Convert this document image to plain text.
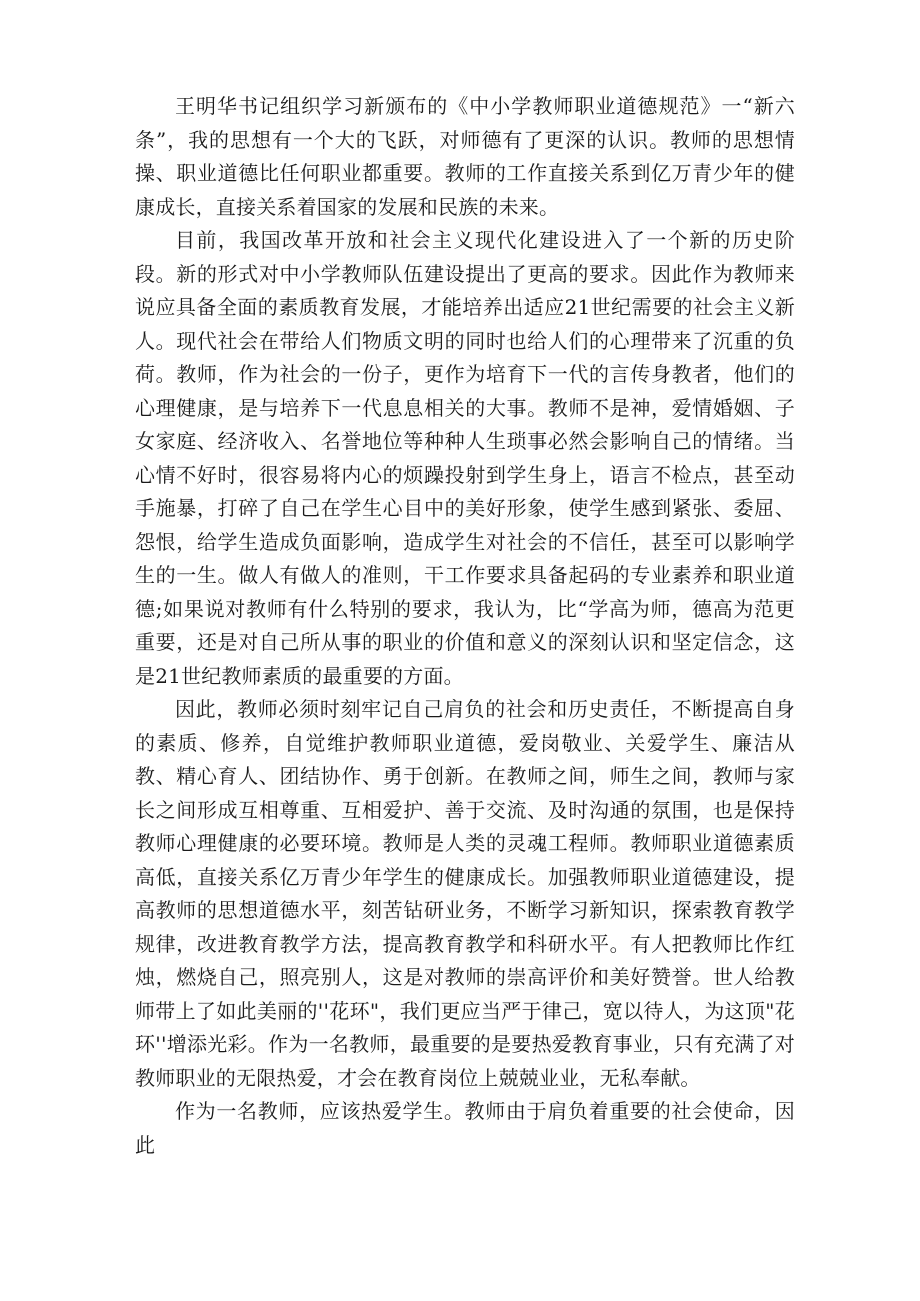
王明华书记组织学习新颁布的《中小学教师职业道德规范》一“新六条”，我的思想有一个大的飞跃，对师德有了更深的认识。教师的思想情操、职业道德比任何职业都重要。教师的工作直接关系到亿万青少年的健康成长，直接关系着国家的发展和民族的未来。

目前，我国改革开放和社会主义现代化建设进入了一个新的历史阶段。新的形式对中小学教师队伍建设提出了更高的要求。因此作为教师来说应具备全面的素质教育发展，才能培养出适应21世纪需要的社会主义新人。现代社会在带给人们物质文明的同时也给人们的心理带来了沉重的负荷。教师，作为社会的一份子，更作为培育下一代的言传身教者，他们的心理健康，是与培养下一代息息相关的大事。教师不是神，爱情婚姻、子女家庭、经济收入、名誉地位等种种人生琐事必然会影响自己的情绪。当心情不好时，很容易将内心的烦躁投射到学生身上，语言不检点，甚至动手施暴，打碎了自己在学生心目中的美好形象，使学生感到紧张、委屈、怨恨，给学生造成负面影响，造成学生对社会的不信任，甚至可以影响学生的一生。做人有做人的准则，干工作要求具备起码的专业素养和职业道德;如果说对教师有什么特别的要求，我认为，比“学高为师，德高为范更重要，还是对自己所从事的职业的价值和意义的深刻认识和坚定信念，这是21世纪教师素质的最重要的方面。

因此，教师必须时刻牢记自己肩负的社会和历史责任，不断提高自身的素质、修养，自觉维护教师职业道德，爱岗敬业、关爱学生、廉洁从教、精心育人、团结协作、勇于创新。在教师之间，师生之间，教师与家长之间形成互相尊重、互相爱护、善于交流、及时沟通的氛围，也是保持教师心理健康的必要环境。教师是人类的灵魂工程师。教师职业道德素质高低，直接关系亿万青少年学生的健康成长。加强教师职业道德建设，提高教师的思想道德水平，刻苦钻研业务，不断学习新知识，探索教育教学规律，改进教育教学方法，提高教育教学和科研水平。有人把教师比作红烛，燃烧自己，照亮别人，这是对教师的崇高评价和美好赞誉。世人给教师带上了如此美丽的''花环"，我们更应当严于律己，宽以待人，为这顶"花环''增添光彩。作为一名教师，最重要的是要热爱教育事业，只有充满了对教师职业的无限热爱，才会在教育岗位上兢兢业业，无私奉献。

作为一名教师，应该热爱学生。教师由于肩负着重要的社会使命，因此
